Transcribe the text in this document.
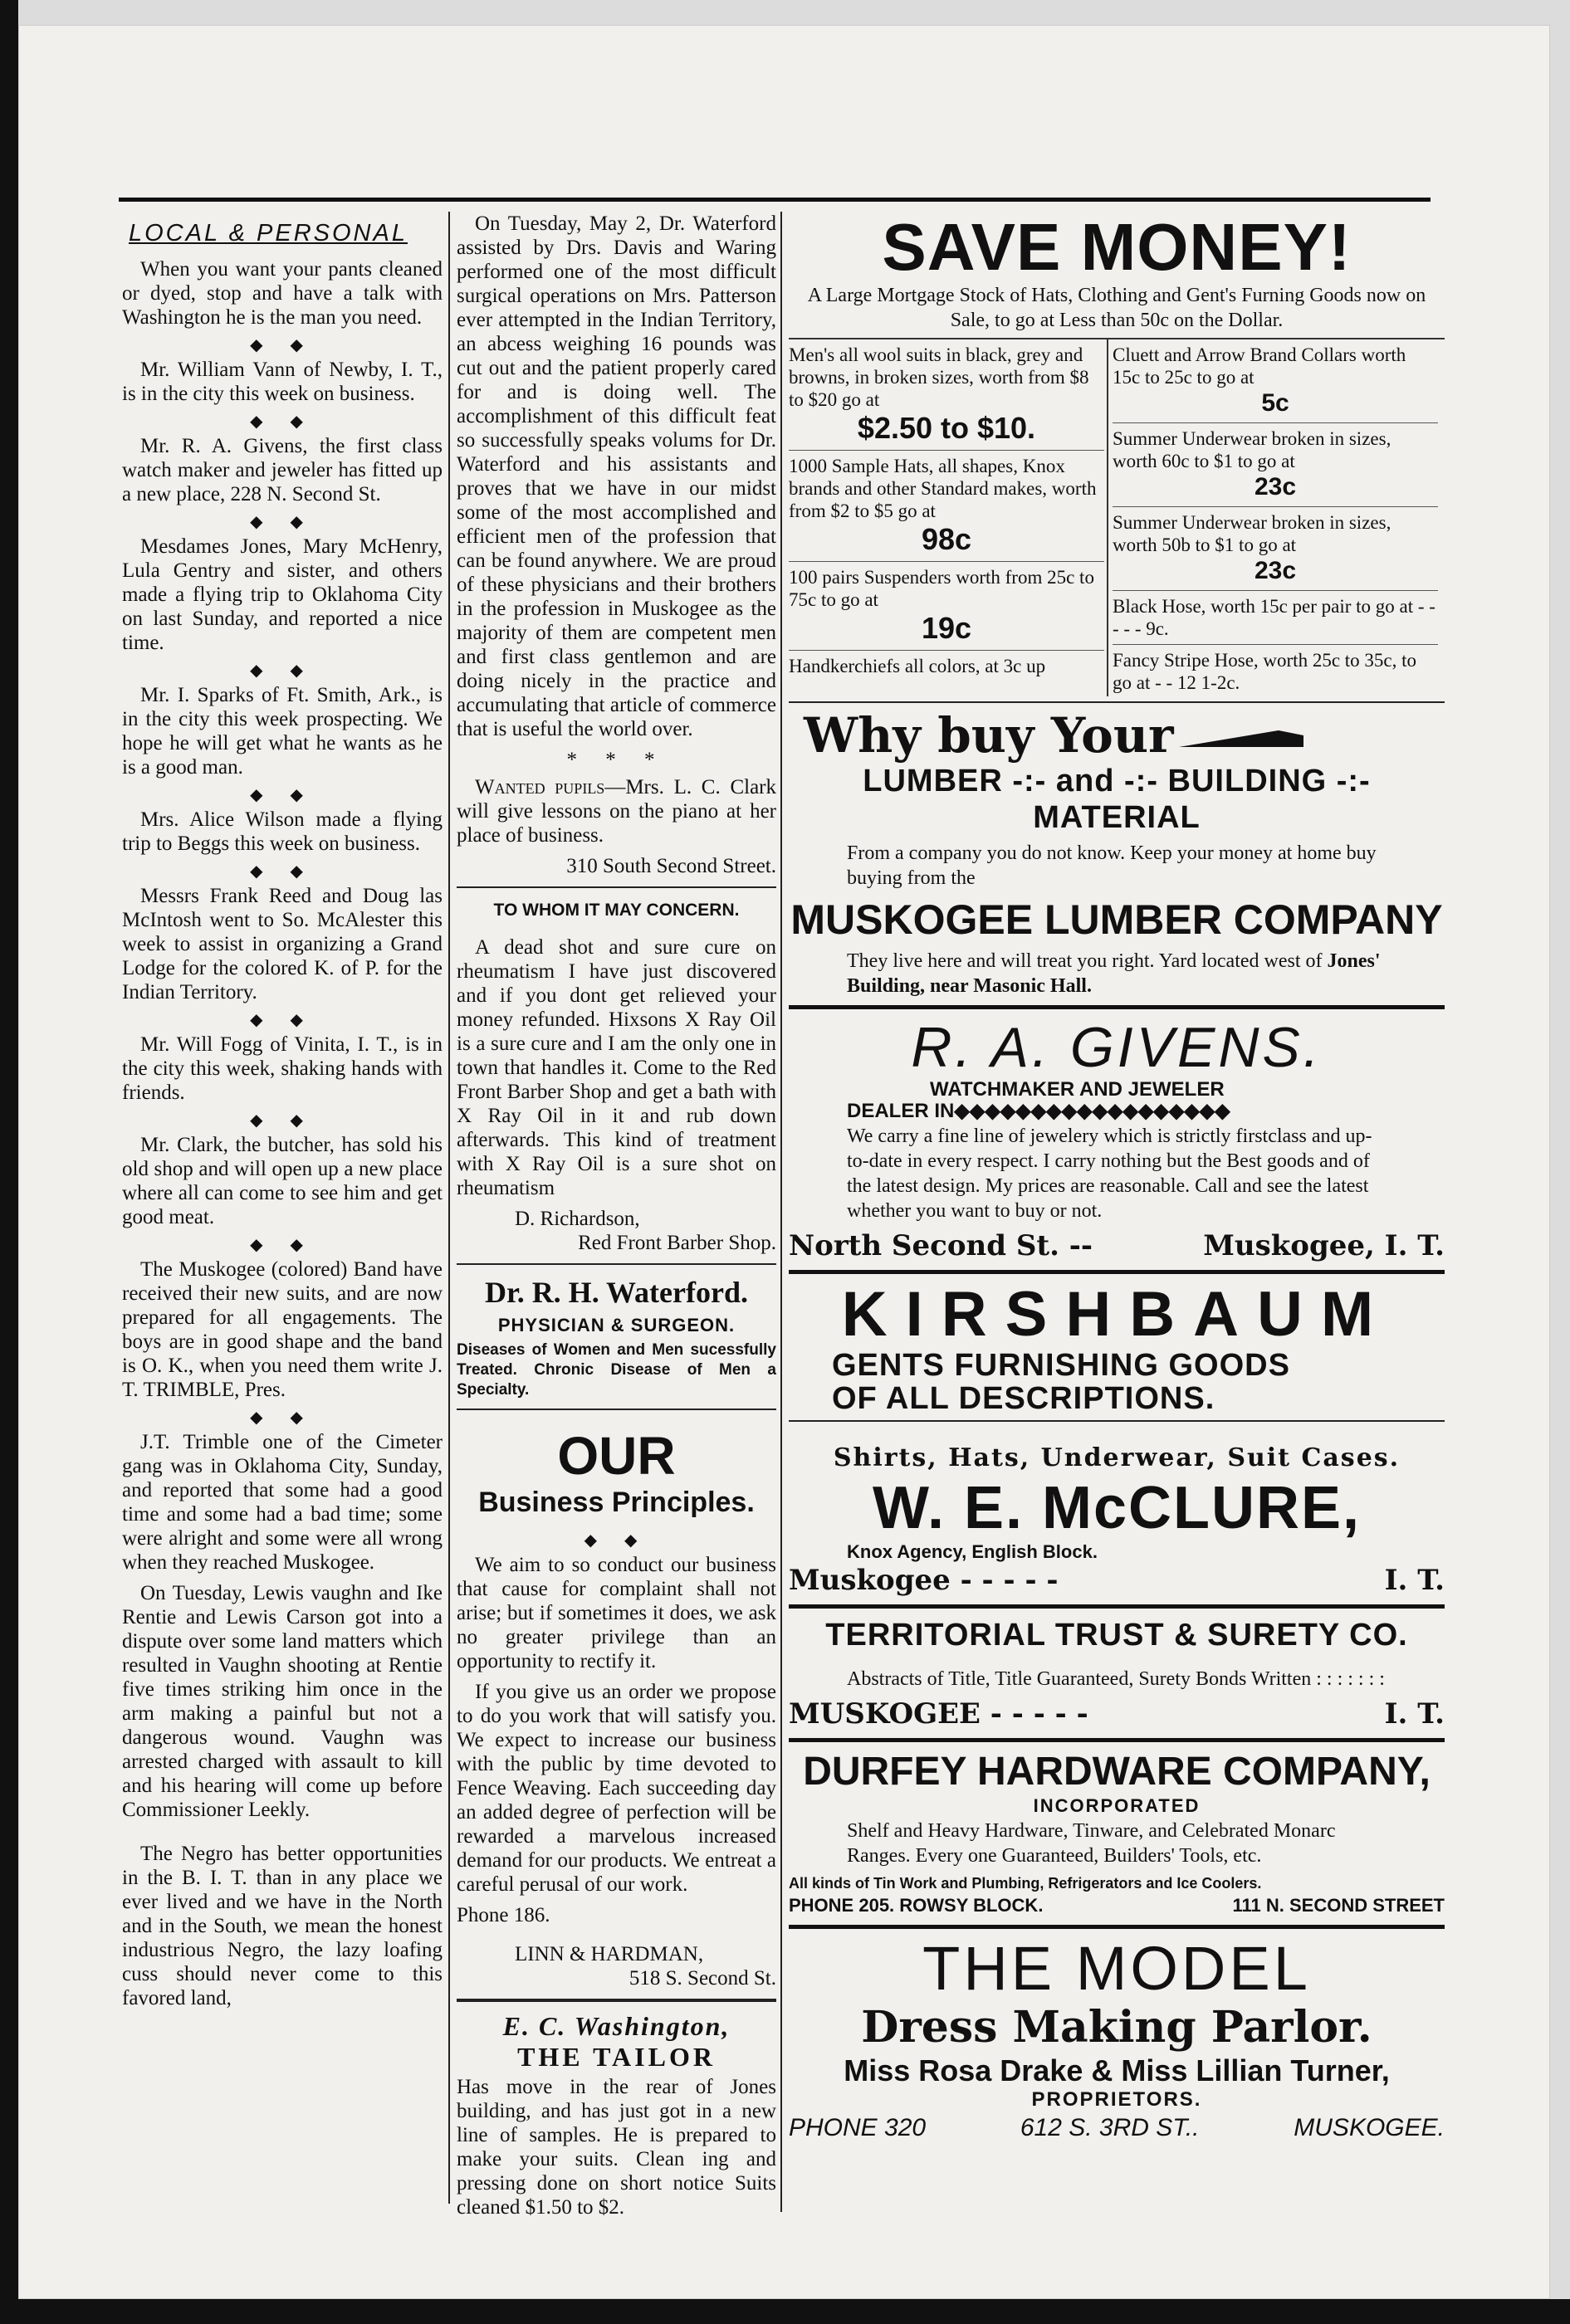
LOCAL & PERSONAL

When you want your pants cleaned or dyed, stop and have a talk with Washington he is the man you need.

◆ ◆

Mr. William Vann of Newby, I. T., is in the city this week on business.

◆ ◆

Mr. R. A. Givens, the first class watch maker and jeweler has fitted up a new place, 228 N. Second St.

◆ ◆

Mesdames Jones, Mary McHenry, Lula Gentry and sister, and others made a flying trip to Oklahoma City on last Sunday, and reported a nice time.

◆ ◆

Mr. I. Sparks of Ft. Smith, Ark., is in the city this week prospecting. We hope he will get what he wants as he is a good man.

◆ ◆

Mrs. Alice Wilson made a flying trip to Beggs this week on business.

◆ ◆

Messrs Frank Reed and Doug las McIntosh went to So. McAlester this week to assist in organizing a Grand Lodge for the colored K. of P. for the Indian Territory.

◆ ◆

Mr. Will Fogg of Vinita, I. T., is in the city this week, shaking hands with friends.

◆ ◆

Mr. Clark, the butcher, has sold his old shop and will open up a new place where all can come to see him and get good meat.

◆ ◆

The Muskogee (colored) Band have received their new suits, and are now prepared for all engagements. The boys are in good shape and the band is O. K., when you need them write J. T. TRIMBLE, Pres.

◆ ◆

J.T. Trimble one of the Cimeter gang was in Oklahoma City, Sunday, and reported that some had a good time and some had a bad time; some were alright and some were all wrong when they reached Muskogee.

On Tuesday, Lewis vaughn and Ike Rentie and Lewis Carson got into a dispute over some land matters which resulted in Vaughn shooting at Rentie five times striking him once in the arm making a painful but not a dangerous wound. Vaughn was arrested charged with assault to kill and his hearing will come up before Commissioner Leekly.

The Negro has better opportunities in the B. I. T. than in any place we ever lived and we have in the North and in the South, we mean the honest industrious Negro, the lazy loafing cuss should never come to this favored land,

On Tuesday, May 2, Dr. Waterford assisted by Drs. Davis and Waring performed one of the most difficult surgical operations on Mrs. Patterson ever attempted in the Indian Territory, an abcess weighing 16 pounds was cut out and the patient properly cared for and is doing well. The accomplishment of this difficult feat so successfully speaks volums for Dr. Waterford and his assistants and proves that we have in our midst some of the most accomplished and efficient men of the profession that can be found anywhere. We are proud of these physicians and their brothers in the profession in Muskogee as the majority of them are competent men and first class gentlemon and are doing nicely in the practice and accumulating that article of commerce that is useful the world over.

* * *

Wanted pupils—Mrs. L. C. Clark will give lessons on the piano at her place of business.

310 South Second Street.
TO WHOM IT MAY CONCERN.

A dead shot and sure cure on rheumatism I have just discovered and if you dont get relieved your money refunded. Hixsons X Ray Oil is a sure cure and I am the only one in town that handles it. Come to the Red Front Barber Shop and get a bath with X Ray Oil in it and rub down afterwards. This kind of treatment with X Ray Oil is a sure shot on rheumatism

D. Richardson,
Red Front Barber Shop.
Dr. R. H. Waterford.
PHYSICIAN & SURGEON.
Diseases of Women and Men sucessfully Treated. Chronic Disease of Men a Specialty.
OUR
Business Principles.
◆ ◆

We aim to so conduct our business that cause for complaint shall not arise; but if sometimes it does, we ask no greater privilege than an opportunity to rectify it.

If you give us an order we propose to do you work that will satisfy you. We expect to increase our business with the public by time devoted to Fence Weaving. Each succeeding day an added degree of perfection will be rewarded a marvelous increased demand for our products. We entreat a careful perusal of our work.

Phone 186.
LINN & HARDMAN,
518 S. Second St.
E. C. Washington,
THE TAILOR

Has move in the rear of Jones building, and has just got in a new line of samples. He is prepared to make your suits. Clean ing and pressing done on short notice Suits cleaned $1.50 to $2.

SAVE MONEY!
A Large Mortgage Stock of Hats, Clothing and Gent's Furning Goods now on Sale, to go at Less than 50c on the Dollar.
Men's all wool suits in black, grey and browns, in broken sizes, worth from $8 to $20 go at
$2.50 to $10.
1000 Sample Hats, all shapes, Knox brands and other Standard makes, worth from $2 to $5 go at
98c
100 pairs Suspenders worth from 25c to 75c to go at
19c
Handkerchiefs all colors, at 3c up
Cluett and Arrow Brand Collars worth 15c to 25c to go at
5c
Summer Underwear broken in sizes, worth 60c to $1 to go at
23c
Summer Underwear broken in sizes, worth 50b to $1 to go at
23c
Black Hose, worth 15c per pair to go at - - - - - 9c.
Fancy Stripe Hose, worth 25c to 35c, to go at - - 12 1-2c.
Why buy Your
LUMBER -:- and -:- BUILDING -:- MATERIAL
From a company you do not know. Keep your money at home buy buying from the
MUSKOGEE LUMBER COMPANY
They live here and will treat you right. Yard located west of Jones' Building, near Masonic Hall.
R. A. GIVENS.
WATCHMAKER AND JEWELER
DEALER IN◆◆◆◆◆◆◆◆◆◆◆◆◆◆◆◆◆◆
We carry a fine line of jewelery which is strictly firstclass and up-to-date in every respect. I carry nothing but the Best goods and of the latest design. My prices are reasonable. Call and see the latest whether you want to buy or not.
North Second St. --	Muskogee, I. T.
KIRSHBAUM
GENTS FURNISHING GOODS
OF ALL DESCRIPTIONS.
Shirts, Hats, Underwear, Suit Cases.
W. E. McCLURE,
Knox Agency, English Block.
Muskogee - - - - -	I. T.
TERRITORIAL TRUST & SURETY CO.
Abstracts of Title, Title Guaranteed, Surety Bonds Written : : : : : : :
MUSKOGEE - - - - -	I. T.
DURFEY HARDWARE COMPANY,
INCORPORATED
Shelf and Heavy Hardware, Tinware, and Celebrated Monarc Ranges. Every one Guaranteed, Builders' Tools, etc.
All kinds of Tin Work and Plumbing, Refrigerators and Ice Coolers.
PHONE 205. ROWSY BLOCK.	111 N. SECOND STREET
THE MODEL
Dress Making Parlor.
Miss Rosa Drake & Miss Lillian Turner,
PROPRIETORS.
PHONE 320	612 S. 3RD ST..	MUSKOGEE.
